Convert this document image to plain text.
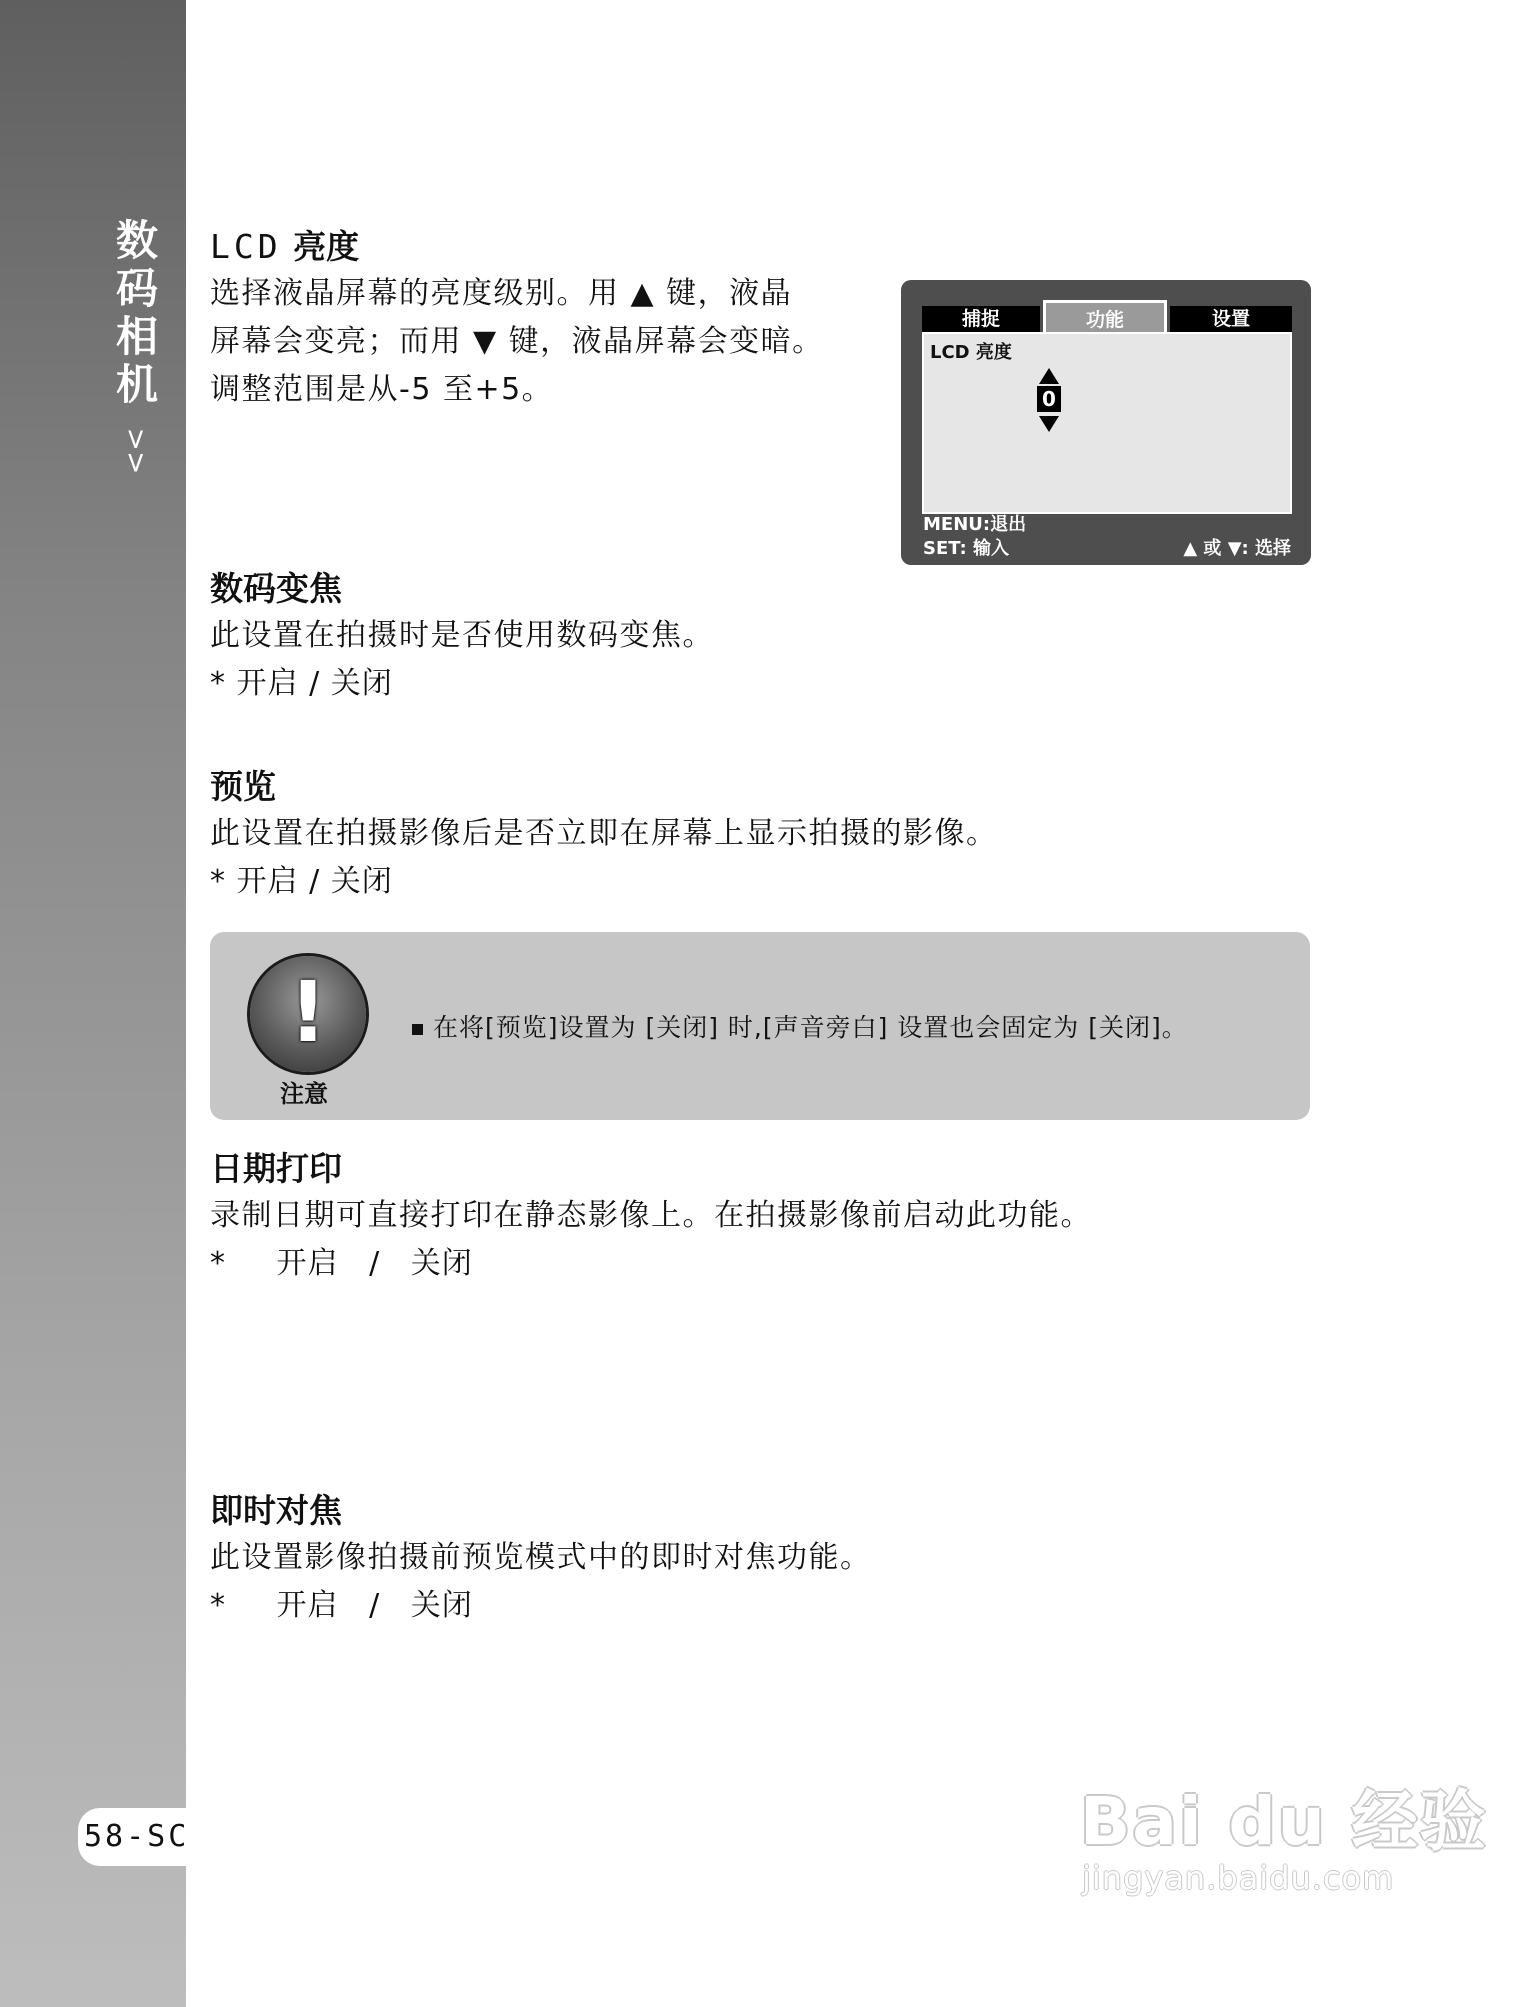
数码相机
>>
58-SC
LCD 亮度

选择液晶屏幕的亮度级别。用 ▲ 键，液晶

屏幕会变亮；而用 ▼ 键，液晶屏幕会变暗。

调整范围是从-5 至+5。

捕捉	功能	设置
LCD 亮度
0
MENU:退出
SET: 输入	▲ 或 ▼: 选择
数码变焦

此设置在拍摄时是否使用数码变焦。

* 开启 / 关闭

预览

此设置在拍摄影像后是否立即在屏幕上显示拍摄的影像。

* 开启 / 关闭

!
注意
在将[预览]设置为 [关闭] 时,[声音旁白] 设置也会固定为 [关闭]。
日期打印

录制日期可直接打印在静态影像上。在拍摄影像前启动此功能。

* 开启 / 关闭

即时对焦

此设置影像拍摄前预览模式中的即时对焦功能。

* 开启 / 关闭

Bai du 经验
jingyan.baidu.com
